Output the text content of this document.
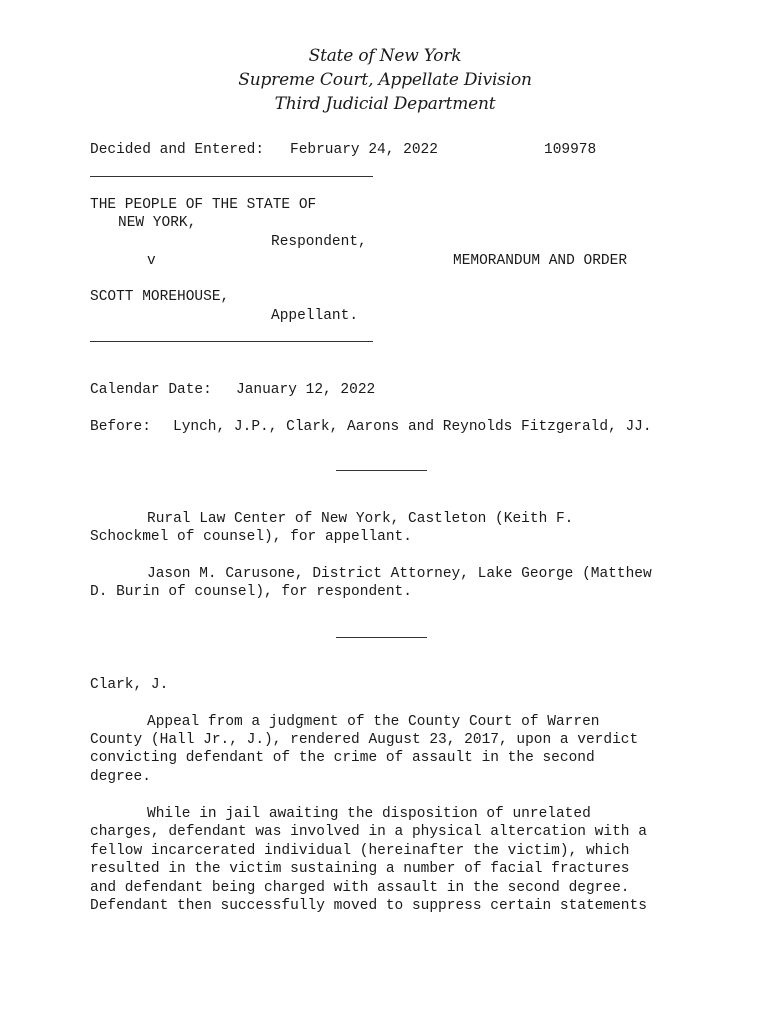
State of New York
Supreme Court, Appellate Division
Third Judicial Department
Decided and Entered: February 24, 2022	109978
THE PEOPLE OF THE STATE OF
NEW YORK,
Respondent,
v	MEMORANDUM AND ORDER
SCOTT MOREHOUSE,
Appellant.
Calendar Date: January 12, 2022
Before: Lynch, J.P., Clark, Aarons and Reynolds Fitzgerald, JJ.
Rural Law Center of New York, Castleton (Keith F.
Schockmel of counsel), for appellant.
Jason M. Carusone, District Attorney, Lake George (Matthew
D. Burin of counsel), for respondent.
Clark, J.
Appeal from a judgment of the County Court of Warren
County (Hall Jr., J.), rendered August 23, 2017, upon a verdict
convicting defendant of the crime of assault in the second
degree.
While in jail awaiting the disposition of unrelated
charges, defendant was involved in a physical altercation with a
fellow incarcerated individual (hereinafter the victim), which
resulted in the victim sustaining a number of facial fractures
and defendant being charged with assault in the second degree.
Defendant then successfully moved to suppress certain statements
